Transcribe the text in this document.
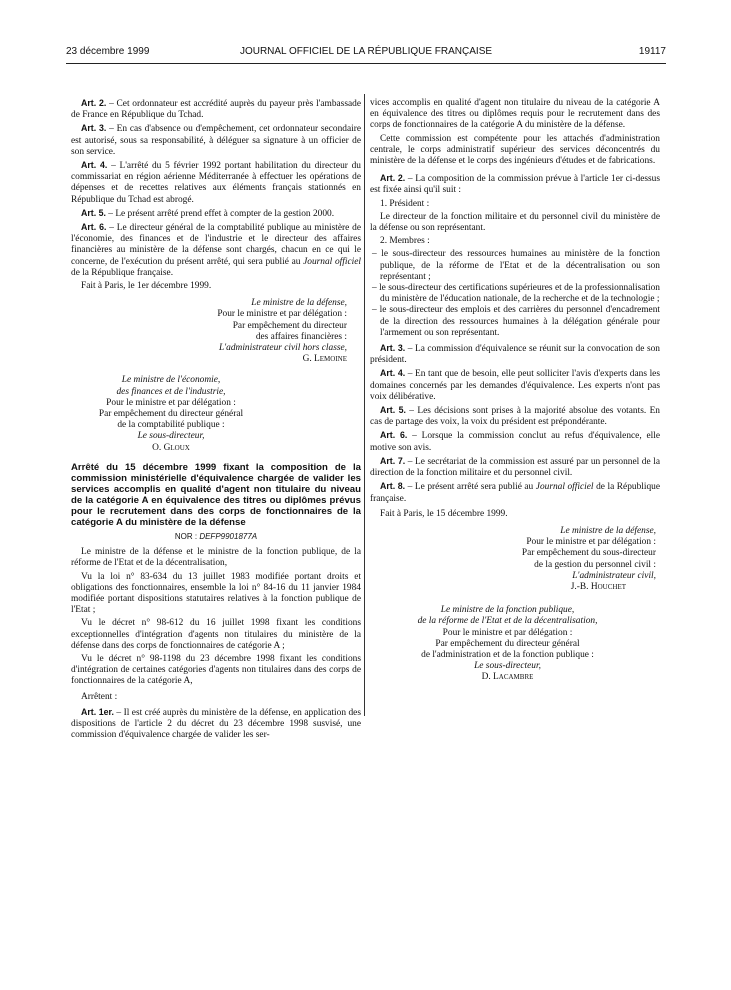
23 décembre 1999	JOURNAL OFFICIEL DE LA RÉPUBLIQUE FRANÇAISE	19117

Art. 2. – Cet ordonnateur est accrédité auprès du payeur près l'ambassade de France en République du Tchad.

Art. 3. – En cas d'absence ou d'empêchement, cet ordonnateur secondaire est autorisé, sous sa responsabilité, à déléguer sa signature à un officier de son service.

Art. 4. – L'arrêté du 5 février 1992 portant habilitation du directeur du commissariat en région aérienne Méditerranée à effectuer les opérations de dépenses et de recettes relatives aux éléments français stationnés en République du Tchad est abrogé.

Art. 5. – Le présent arrêté prend effet à compter de la gestion 2000.

Art. 6. – Le directeur général de la comptabilité publique au ministère de l'économie, des finances et de l'industrie et le directeur des affaires financières au ministère de la défense sont chargés, chacun en ce qui le concerne, de l'exécution du présent arrêté, qui sera publié au Journal officiel de la République française.

Fait à Paris, le 1er décembre 1999.

Le ministre de la défense,

Pour le ministre et par délégation :

Par empêchement du directeur

des affaires financières :

L'administrateur civil hors classe,

G. Lemoine

Le ministre de l'économie,

des finances et de l'industrie,

Pour le ministre et par délégation :

Par empêchement du directeur général

de la comptabilité publique :

Le sous-directeur,

O. Gloux

Arrêté du 15 décembre 1999 fixant la composition de la commission ministérielle d'équivalence chargée de valider les services accomplis en qualité d'agent non titulaire du niveau de la catégorie A en équivalence des titres ou diplômes prévus pour le recrutement dans des corps de fonctionnaires de la catégorie A du ministère de la défense
NOR : DEFP9901877A

Le ministre de la défense et le ministre de la fonction publique, de la réforme de l'Etat et de la décentralisation,

Vu la loi n° 83-634 du 13 juillet 1983 modifiée portant droits et obligations des fonctionnaires, ensemble la loi n° 84-16 du 11 janvier 1984 modifiée portant dispositions statutaires relatives à la fonction publique de l'Etat ;

Vu le décret n° 98-612 du 16 juillet 1998 fixant les conditions exceptionnelles d'intégration d'agents non titulaires du ministère de la défense dans des corps de fonctionnaires de catégorie A ;

Vu le décret n° 98-1198 du 23 décembre 1998 fixant les conditions d'intégration de certaines catégories d'agents non titulaires dans des corps de fonctionnaires de la catégorie A,

Arrêtent :

Art. 1er. – Il est créé auprès du ministère de la défense, en application des dispositions de l'article 2 du décret du 23 décembre 1998 susvisé, une commission d'équivalence chargée de valider les ser-

vices accomplis en qualité d'agent non titulaire du niveau de la catégorie A en équivalence des titres ou diplômes requis pour le recrutement dans des corps de fonctionnaires de la catégorie A du ministère de la défense.

Cette commission est compétente pour les attachés d'administration centrale, le corps administratif supérieur des services déconcentrés du ministère de la défense et le corps des ingénieurs d'études et de fabrications.

Art. 2. – La composition de la commission prévue à l'article 1er ci-dessus est fixée ainsi qu'il suit :

1. Président :

Le directeur de la fonction militaire et du personnel civil du ministère de la défense ou son représentant.

2. Membres :

– le sous-directeur des ressources humaines au ministère de la fonction publique, de la réforme de l'Etat et de la décentralisation ou son représentant ;
– le sous-directeur des certifications supérieures et de la professionnalisation du ministère de l'éducation nationale, de la recherche et de la technologie ;
– le sous-directeur des emplois et des carrières du personnel d'encadrement de la direction des ressources humaines à la délégation générale pour l'armement ou son représentant.

Art. 3. – La commission d'équivalence se réunit sur la convocation de son président.

Art. 4. – En tant que de besoin, elle peut solliciter l'avis d'experts dans les domaines concernés par les demandes d'équivalence. Les experts n'ont pas voix délibérative.

Art. 5. – Les décisions sont prises à la majorité absolue des votants. En cas de partage des voix, la voix du président est prépondérante.

Art. 6. – Lorsque la commission conclut au refus d'équivalence, elle motive son avis.

Art. 7. – Le secrétariat de la commission est assuré par un personnel de la direction de la fonction militaire et du personnel civil.

Art. 8. – Le présent arrêté sera publié au Journal officiel de la République française.

Fait à Paris, le 15 décembre 1999.

Le ministre de la défense,

Pour le ministre et par délégation :

Par empêchement du sous-directeur

de la gestion du personnel civil :

L'administrateur civil,

J.-B. Houchet

Le ministre de la fonction publique,

de la réforme de l'Etat et de la décentralisation,

Pour le ministre et par délégation :

Par empêchement du directeur général

de l'administration et de la fonction publique :

Le sous-directeur,

D. Lacambre
